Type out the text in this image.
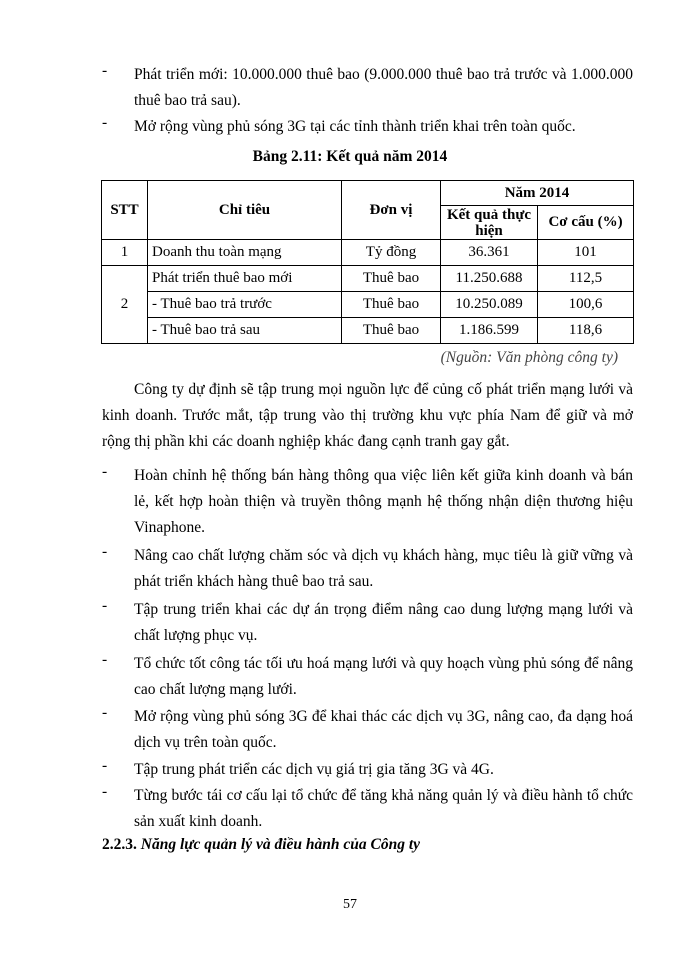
- Phát triển mới: 10.000.000 thuê bao (9.000.000 thuê bao trả trước và 1.000.000 thuê bao trả sau).
- Mở rộng vùng phủ sóng 3G tại các tỉnh thành triển khai trên toàn quốc.
Bảng 2.11: Kết quả năm 2014
STT	Chỉ tiêu	Đơn vị	Năm 2014	
			Kết quả thực hiện	Cơ cấu (%)
1	Doanh thu toàn mạng	Tỷ đồng	36.361	101
2	Phát triển thuê bao mới	Thuê bao	11.250.688	112,5
	- Thuê bao trả trước	Thuê bao	10.250.089	100,6
	- Thuê bao trả sau	Thuê bao	1.186.599	118,6
(Nguồn: Văn phòng công ty)
Công ty dự định sẽ tập trung mọi nguồn lực để củng cố phát triển mạng lưới và kinh doanh. Trước mắt, tập trung vào thị trường khu vực phía Nam để giữ và mở rộng thị phần khi các doanh nghiệp khác đang cạnh tranh gay gắt.
- Hoàn chỉnh hệ thống bán hàng thông qua việc liên kết giữa kinh doanh và bán lẻ, kết hợp hoàn thiện và truyền thông mạnh hệ thống nhận diện thương hiệu Vinaphone.
- Nâng cao chất lượng chăm sóc và dịch vụ khách hàng, mục tiêu là giữ vững và phát triển khách hàng thuê bao trả sau.
- Tập trung triển khai các dự án trọng điểm nâng cao dung lượng mạng lưới và chất lượng phục vụ.
- Tổ chức tốt công tác tối ưu hoá mạng lưới và quy hoạch vùng phủ sóng để nâng cao chất lượng mạng lưới.
- Mở rộng vùng phủ sóng 3G để khai thác các dịch vụ 3G, nâng cao, đa dạng hoá dịch vụ trên toàn quốc.
- Tập trung phát triển các dịch vụ giá trị gia tăng 3G và 4G.
- Từng bước tái cơ cấu lại tổ chức để tăng khả năng quản lý và điều hành tổ chức sản xuất kinh doanh.
2.2.3. Năng lực quản lý và điều hành của Công ty
57
